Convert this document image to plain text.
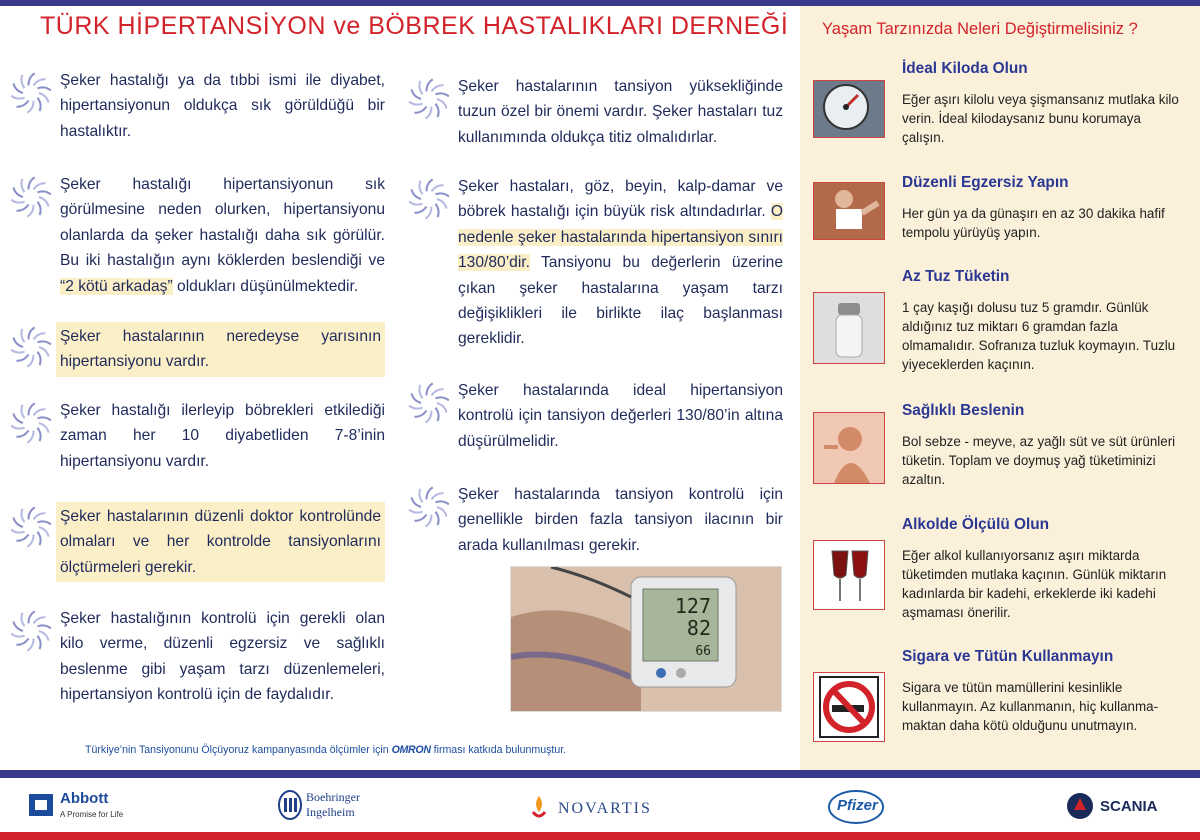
TÜRK HİPERTANSİYON ve BÖBREK HASTALIKLARI DERNEĞİ
Şeker hastalığı ya da tıbbi ismi ile diyabet, hipertansiyonun oldukça sık görüldüğü bir hastalıktır.
Şeker hastalığı hipertansiyonun sık görülmesine neden olurken, hipertansiyonu olanlarda da şeker hastalığı daha sık görülür. Bu iki hastalığın aynı köklerden beslendiği ve “2 kötü arkadaş” oldukları düşünülmektedir.
Şeker hastalarının neredeyse yarısının hipertansiyonu vardır.
Şeker hastalığı ilerleyip böbrekleri etkilediği zaman her 10 diyabetliden 7-8’inin hipertansiyonu vardır.
Şeker hastalarının düzenli doktor kontrolünde olmaları ve her kontrolde tansiyonlarını ölçtürmeleri gerekir.
Şeker hastalığının kontrolü için gerekli olan kilo verme, düzenli egzersiz ve sağlıklı beslenme gibi yaşam tarzı düzenlemeleri, hipertansiyon kontrolü için de faydalıdır.
Şeker hastalarının tansiyon yüksekliğinde tuzun özel bir önemi vardır. Şeker hastaları tuz kullanımında oldukça titiz olmalıdırlar.
Şeker hastaları, göz, beyin, kalp-damar ve böbrek hastalığı için büyük risk altındadırlar. O nedenle şeker hastalarında hipertansiyon sınırı 130/80’dir. Tansiyonu bu değerlerin üzerine çıkan şeker hastalarına yaşam tarzı değişiklikleri ile birlikte ilaç başlanması gereklidir.
Şeker hastalarında ideal hipertansiyon kontrolü için tansiyon değerleri 130/80’in altına düşürülmelidir.
Şeker hastalarında tansiyon kontrolü için genellikle birden fazla tansiyon ilacının bir arada kullanılması gerekir.
127
82
66
Türkiye’nin Tansiyonunu Ölçüyoruz kampanyasında ölçümler için OMRON firması katkıda bulunmuştur.
Yaşam Tarzınızda Neleri Değiştirmelisiniz ?
İdeal Kiloda Olun

Eğer aşırı kilolu veya şişmansanız mutlaka kilo verin. İdeal kilodaysanız bunu korumaya çalışın.

Düzenli Egzersiz Yapın

Her gün ya da günaşırı en az 30 dakika hafif tempolu yürüyüş yapın.

Az Tuz Tüketin

1 çay kaşığı dolusu tuz 5 gramdır. Günlük aldığınız tuz miktarı 6 gramdan fazla olmamalıdır. Sofranıza tuzluk koymayın. Tuzlu yiyeceklerden kaçının.

Sağlıklı Beslenin

Bol sebze - meyve, az yağlı süt ve süt ürünleri tüketin. Toplam ve doymuş yağ tüketiminizi azaltın.

Alkolde Ölçülü Olun

Eğer alkol kullanıyorsanız aşırı miktarda tüketimden mutlaka kaçının. Günlük miktarın kadınlarda bir kadehi, erkeklerde iki kadehi aşmaması önerilir.

Sigara ve Tütün Kullanmayın

Sigara ve tütün mamüllerini kesinlikle kullanmayın. Az kullanmanın, hiç kullanma-maktan daha kötü olduğunu unutmayın.

Abbott
A Promise for Life
Boehringer
Ingelheim	NOVARTIS	Pfizer	SCANIA
